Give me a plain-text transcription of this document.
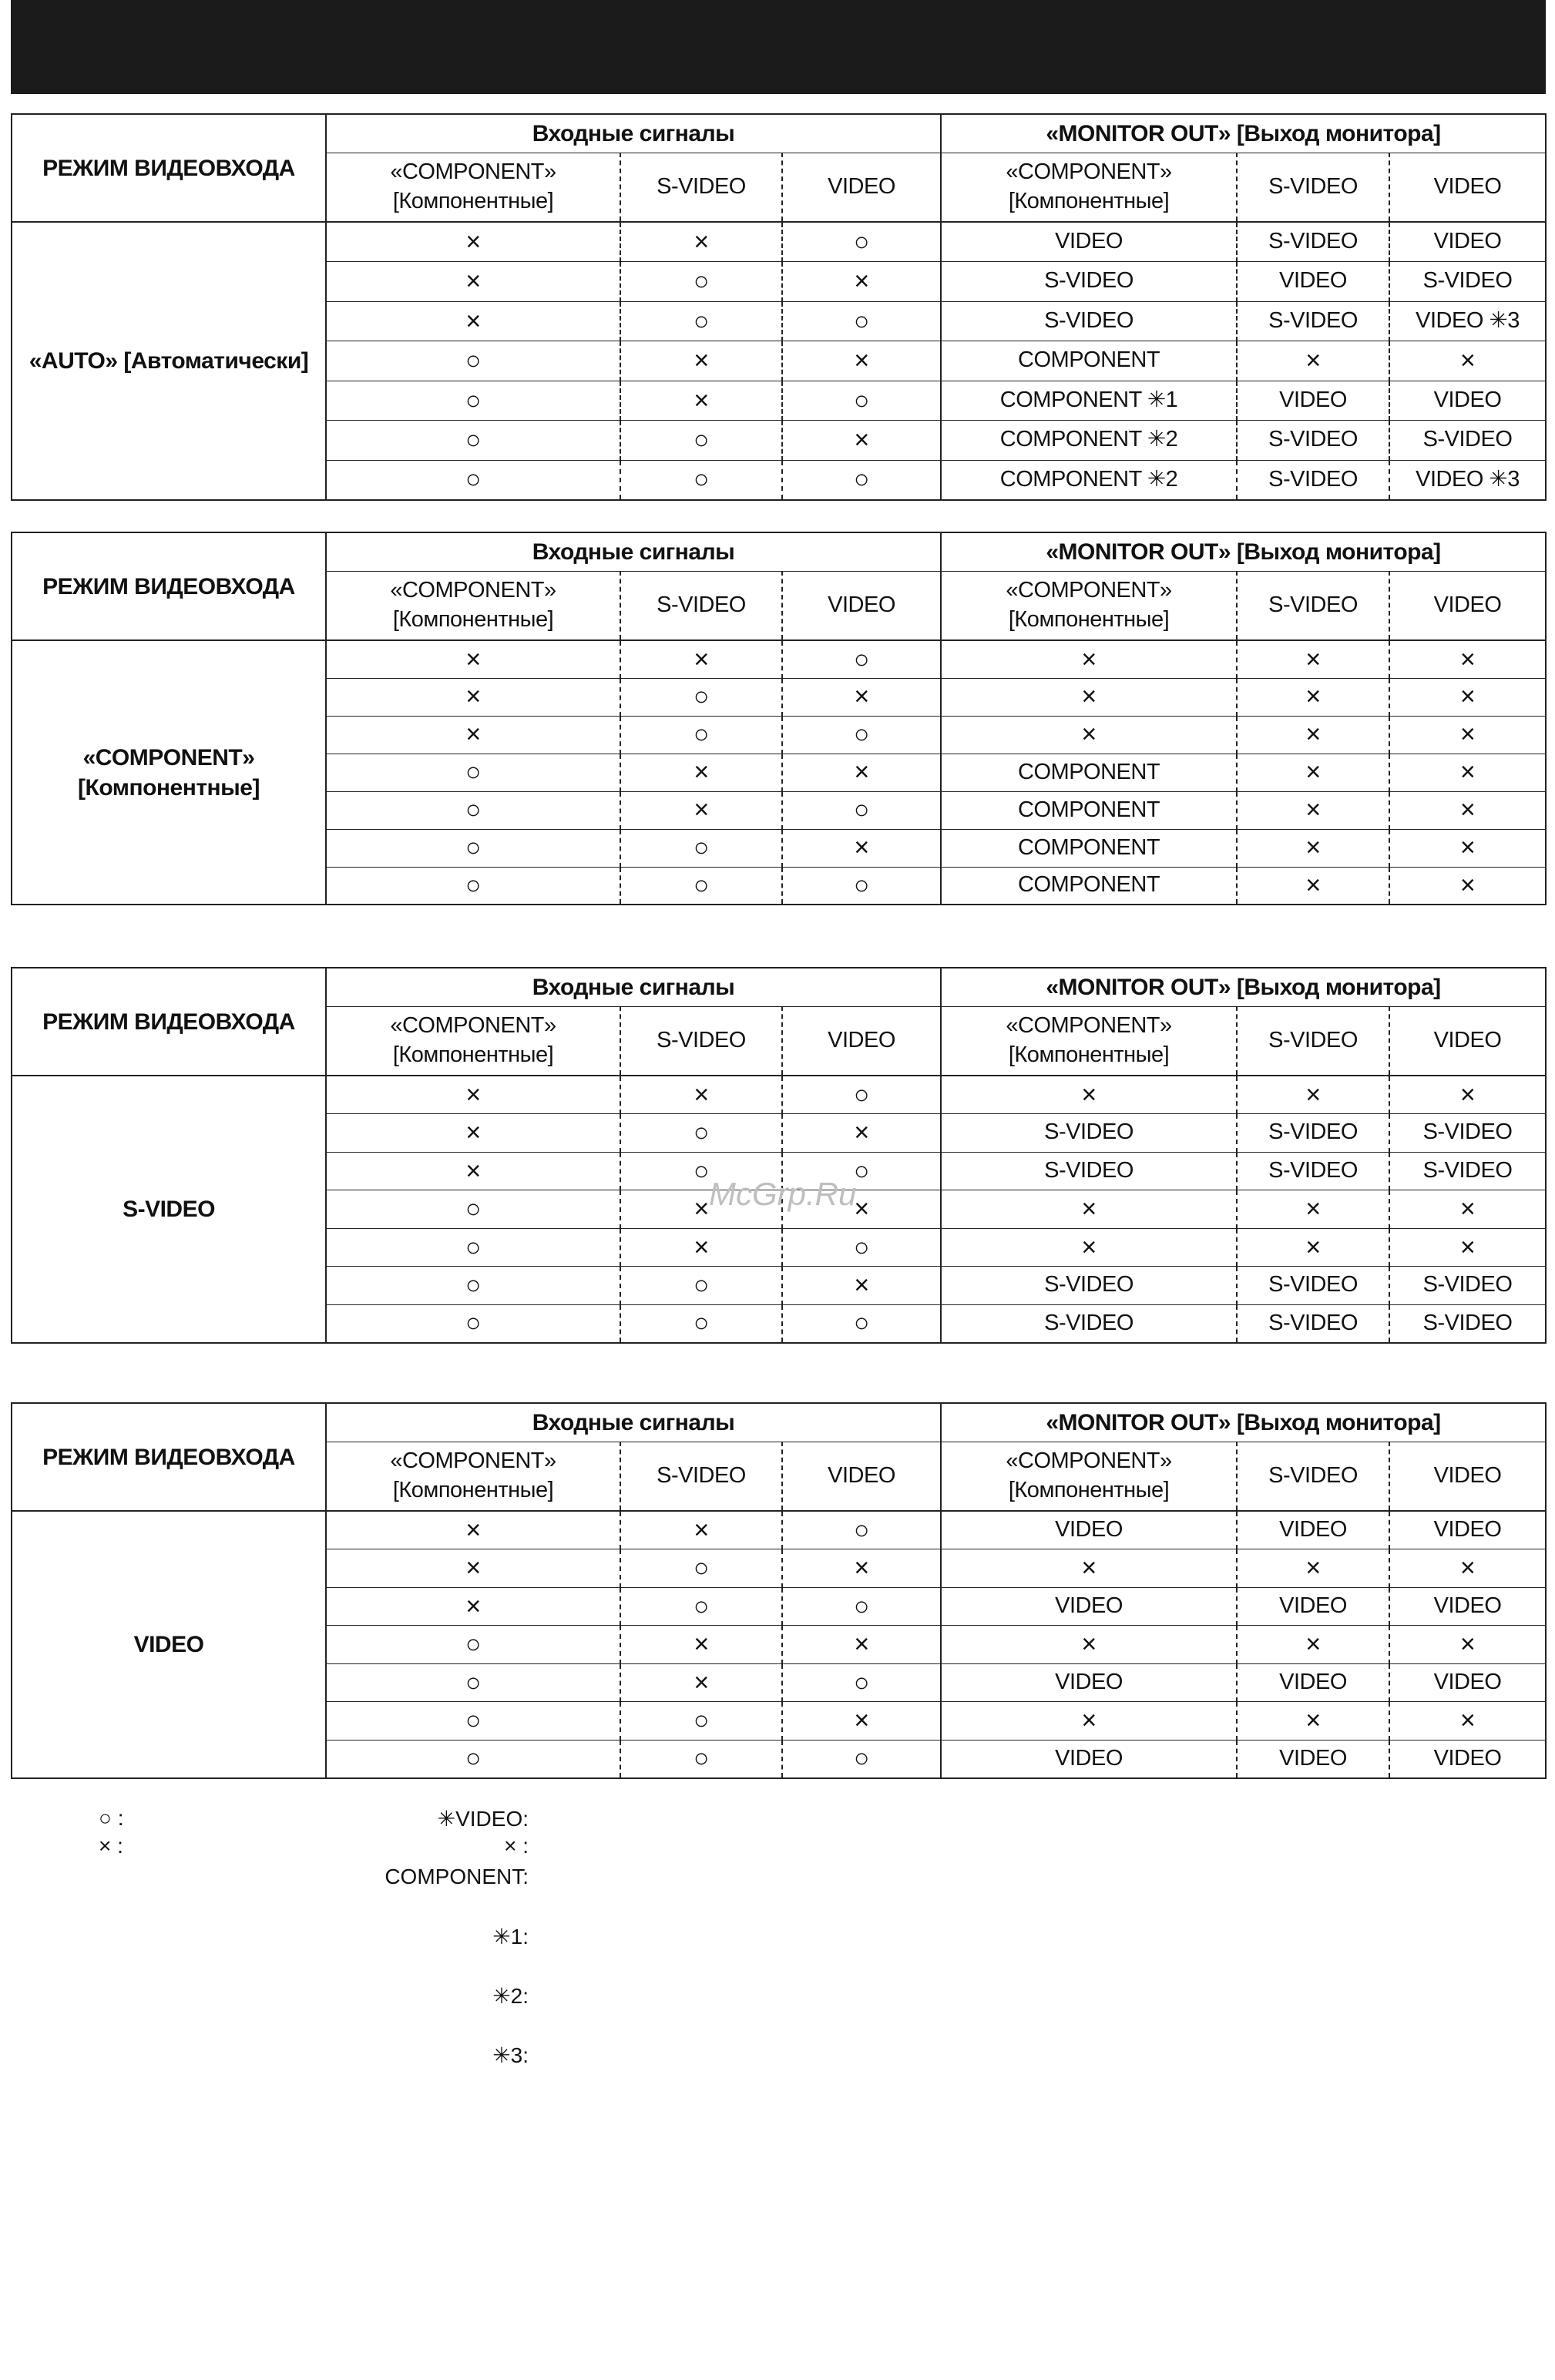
РЕЖИМ ВИДЕОВХОДА	Входные сигналы			«MONITOR OUT» [Выход монитора]		
	«COMPONENT»
[Компонентные]	S-VIDEO	VIDEO	«COMPONENT»
[Компонентные]	S-VIDEO	VIDEO
«AUTO» [Автоматически]	×	×	○	VIDEO	S-VIDEO	VIDEO
	×	○	×	S-VIDEO	VIDEO	S-VIDEO
	×	○	○	S-VIDEO	S-VIDEO	VIDEO ✳3
	○	×	×	COMPONENT	×	×
	○	×	○	COMPONENT ✳1	VIDEO	VIDEO
	○	○	×	COMPONENT ✳2	S-VIDEO	S-VIDEO
	○	○	○	COMPONENT ✳2	S-VIDEO	VIDEO ✳3
РЕЖИМ ВИДЕОВХОДА	Входные сигналы			«MONITOR OUT» [Выход монитора]		
	«COMPONENT»
[Компонентные]	S-VIDEO	VIDEO	«COMPONENT»
[Компонентные]	S-VIDEO	VIDEO
«COMPONENT»
[Компонентные]	×	×	○	×	×	×
	×	○	×	×	×	×
	×	○	○	×	×	×
	○	×	×	COMPONENT	×	×
	○	×	○	COMPONENT	×	×
	○	○	×	COMPONENT	×	×
	○	○	○	COMPONENT	×	×
РЕЖИМ ВИДЕОВХОДА	Входные сигналы			«MONITOR OUT» [Выход монитора]		
	«COMPONENT»
[Компонентные]	S-VIDEO	VIDEO	«COMPONENT»
[Компонентные]	S-VIDEO	VIDEO
S-VIDEO	×	×	○	×	×	×
	×	○	×	S-VIDEO	S-VIDEO	S-VIDEO
	×	○	○	S-VIDEO	S-VIDEO	S-VIDEO
	○	×	×	×	×	×
	○	×	○	×	×	×
	○	○	×	S-VIDEO	S-VIDEO	S-VIDEO
	○	○	○	S-VIDEO	S-VIDEO	S-VIDEO
РЕЖИМ ВИДЕОВХОДА	Входные сигналы			«MONITOR OUT» [Выход монитора]		
	«COMPONENT»
[Компонентные]	S-VIDEO	VIDEO	«COMPONENT»
[Компонентные]	S-VIDEO	VIDEO
VIDEO	×	×	○	VIDEO	VIDEO	VIDEO
	×	○	×	×	×	×
	×	○	○	VIDEO	VIDEO	VIDEO
	○	×	×	×	×	×
	○	×	○	VIDEO	VIDEO	VIDEO
	○	○	×	×	×	×
	○	○	○	VIDEO	VIDEO	VIDEO
○ :
× :
✳VIDEO:
× :
COMPONENT:
✳1:
✳2:
✳3:
McGrp.Ru
